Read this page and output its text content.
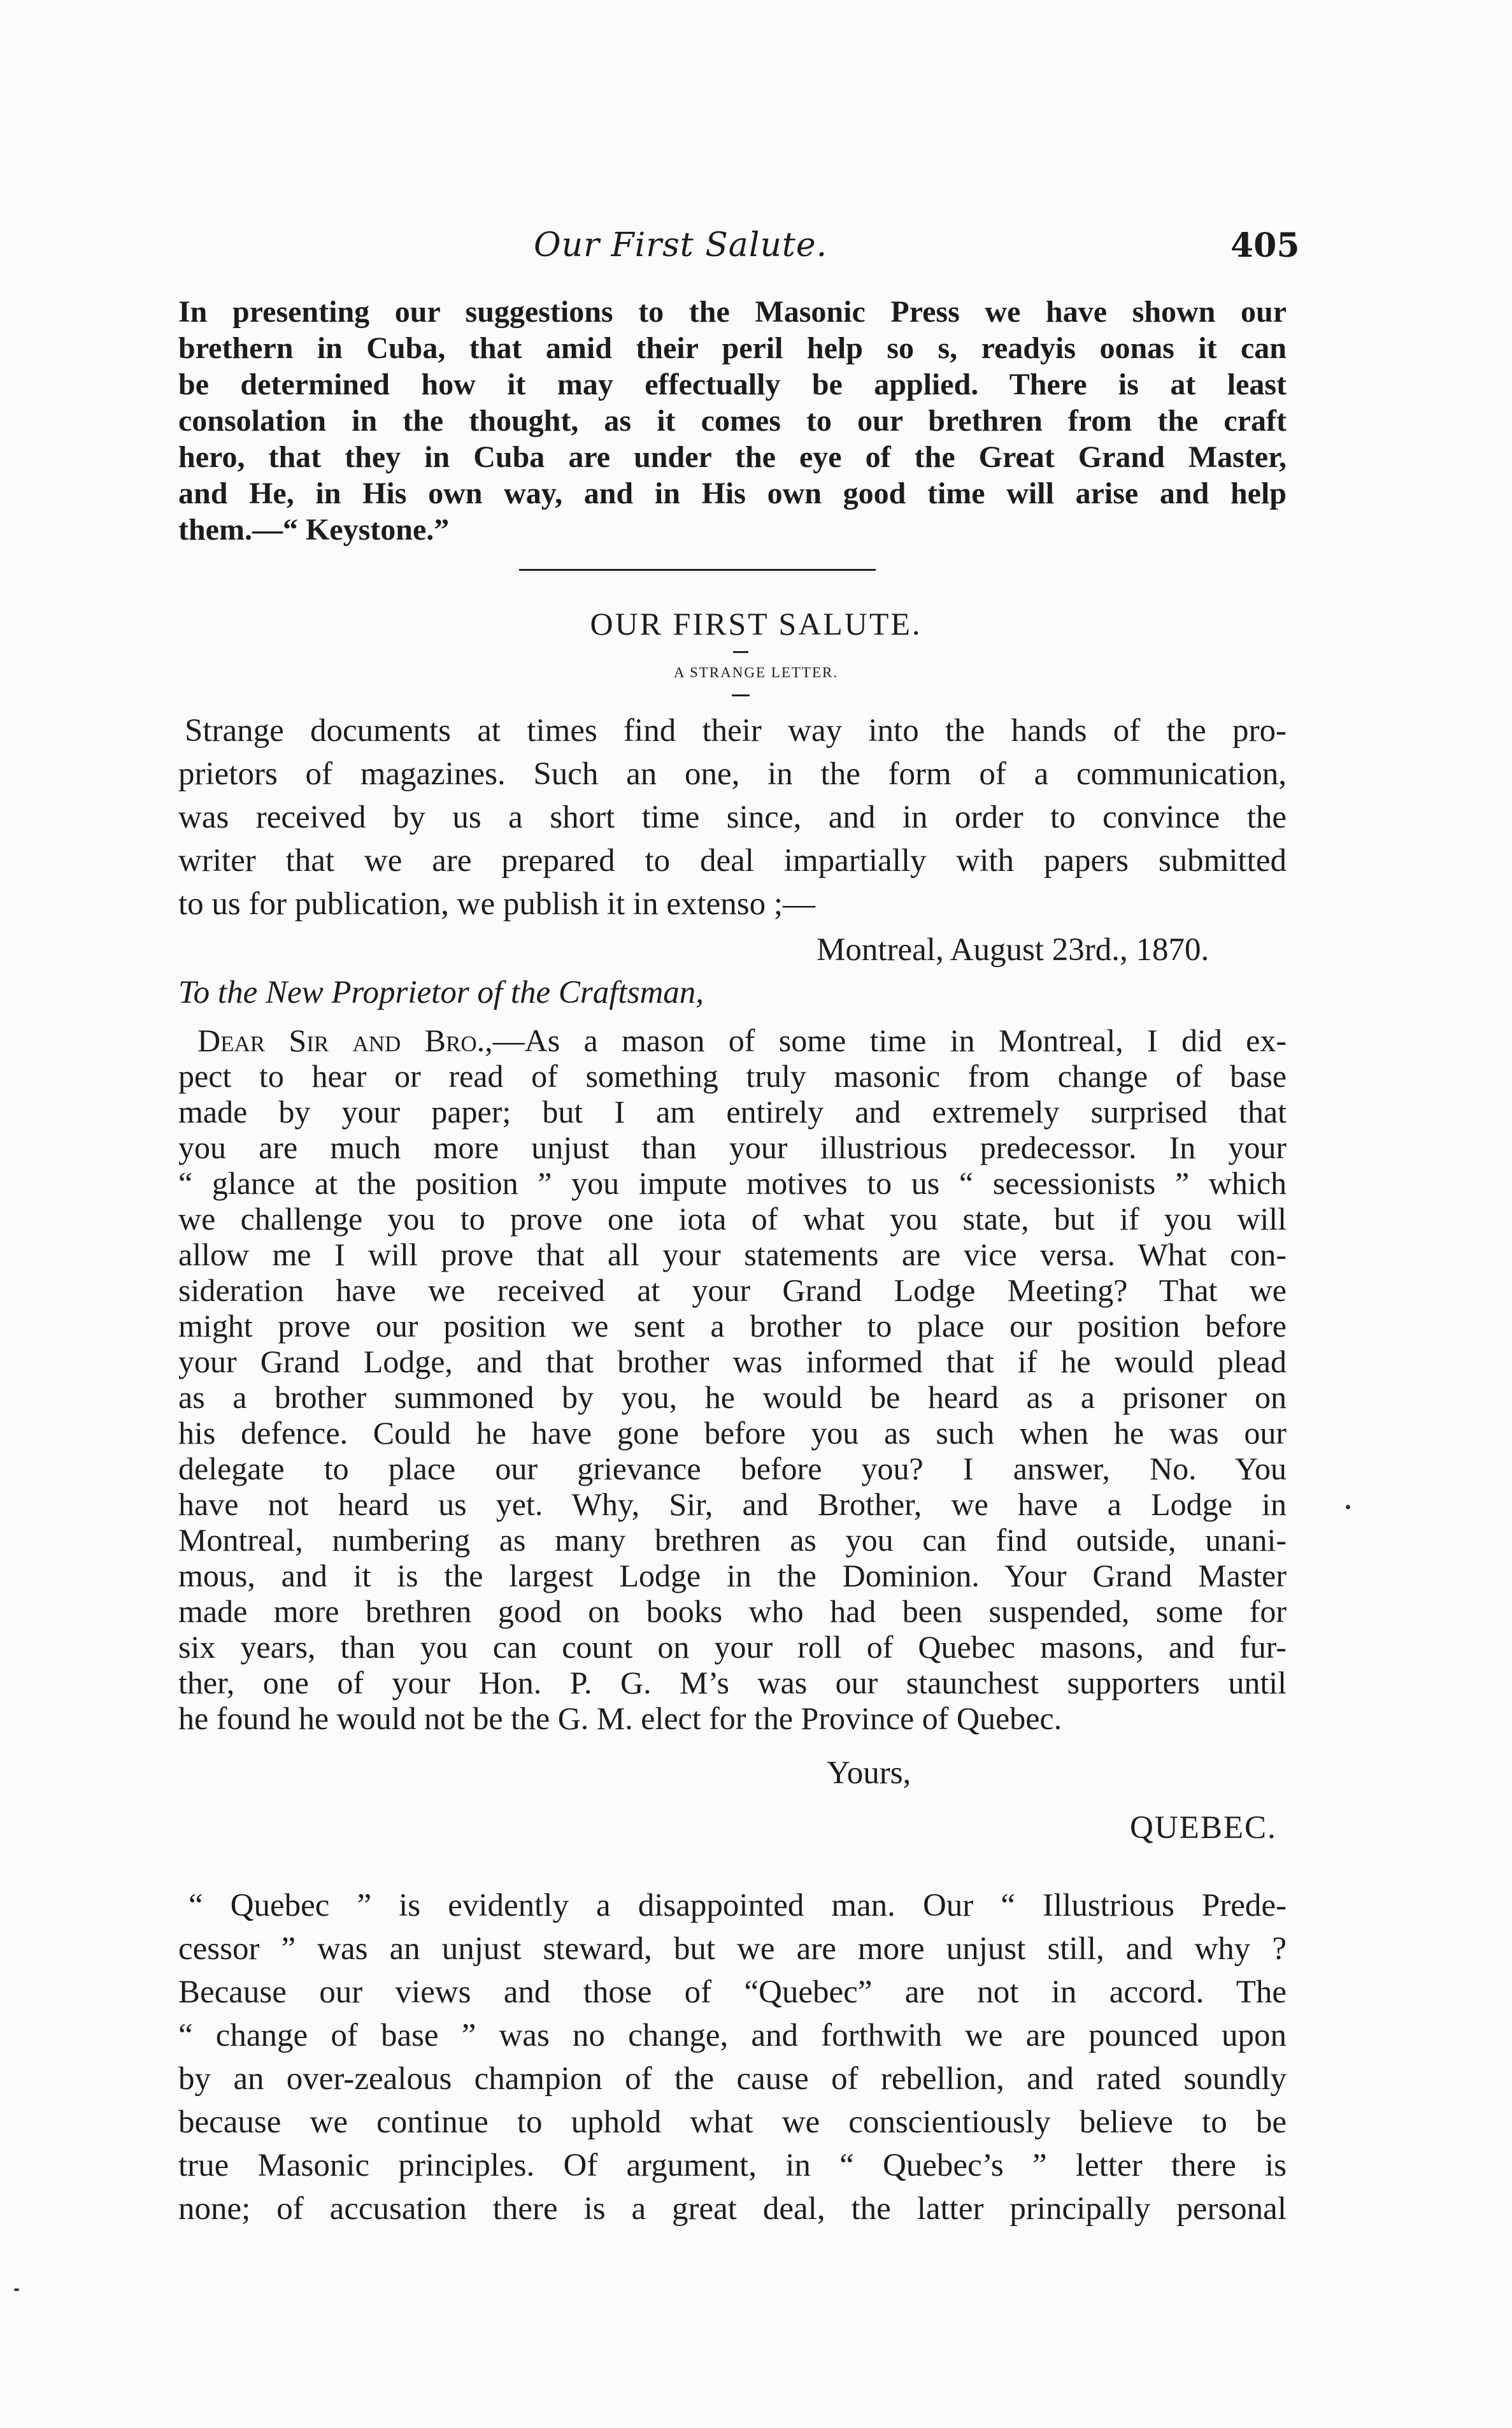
Our First Salute.	405
In presenting our suggestions to the Masonic Press we have shown our
brethern in Cuba, that amid their peril help so s, readyis oonas it can
be determined how it may effectually be applied. There is at least
consolation in the thought, as it comes to our brethren from the craft
hero, that they in Cuba are under the eye of the Great Grand Master,
and He, in His own way, and in His own good time will arise and help
them.—“ Keystone.”
OUR FIRST SALUTE.
A STRANGE LETTER.
Strange documents at times find their way into the hands of the pro-
prietors of magazines. Such an one, in the form of a communication,
was received by us a short time since, and in order to convince the
writer that we are prepared to deal impartially with papers submitted
to us for publication, we publish it in extenso ;—
Montreal, August 23rd., 1870.
To the New Proprietor of the Craftsman,
Dear Sir and Bro.,—As a mason of some time in Montreal, I did ex-
pect to hear or read of something truly masonic from change of base
made by your paper; but I am entirely and extremely surprised that
you are much more unjust than your illustrious predecessor. In your
“ glance at the position ” you impute motives to us “ secessionists ” which
we challenge you to prove one iota of what you state, but if you will
allow me I will prove that all your statements are vice versa. What con-
sideration have we received at your Grand Lodge Meeting? That we
might prove our position we sent a brother to place our position before
your Grand Lodge, and that brother was informed that if he would plead
as a brother summoned by you, he would be heard as a prisoner on
his defence. Could he have gone before you as such when he was our
delegate to place our grievance before you? I answer, No. You
have not heard us yet. Why, Sir, and Brother, we have a Lodge in
Montreal, numbering as many brethren as you can find outside, unani-
mous, and it is the largest Lodge in the Dominion. Your Grand Master
made more brethren good on books who had been suspended, some for
six years, than you can count on your roll of Quebec masons, and fur-
ther, one of your Hon. P. G. M’s was our staunchest supporters until
he found he would not be the G. M. elect for the Province of Quebec.
Yours,
QUEBEC.
“ Quebec ” is evidently a disappointed man. Our “ Illustrious Prede-
cessor ” was an unjust steward, but we are more unjust still, and why ?
Because our views and those of “Quebec” are not in accord. The
“ change of base ” was no change, and forthwith we are pounced upon
by an over-zealous champion of the cause of rebellion, and rated soundly
because we continue to uphold what we conscientiously believe to be
true Masonic principles. Of argument, in “ Quebec’s ” letter there is
none; of accusation there is a great deal, the latter principally personal
